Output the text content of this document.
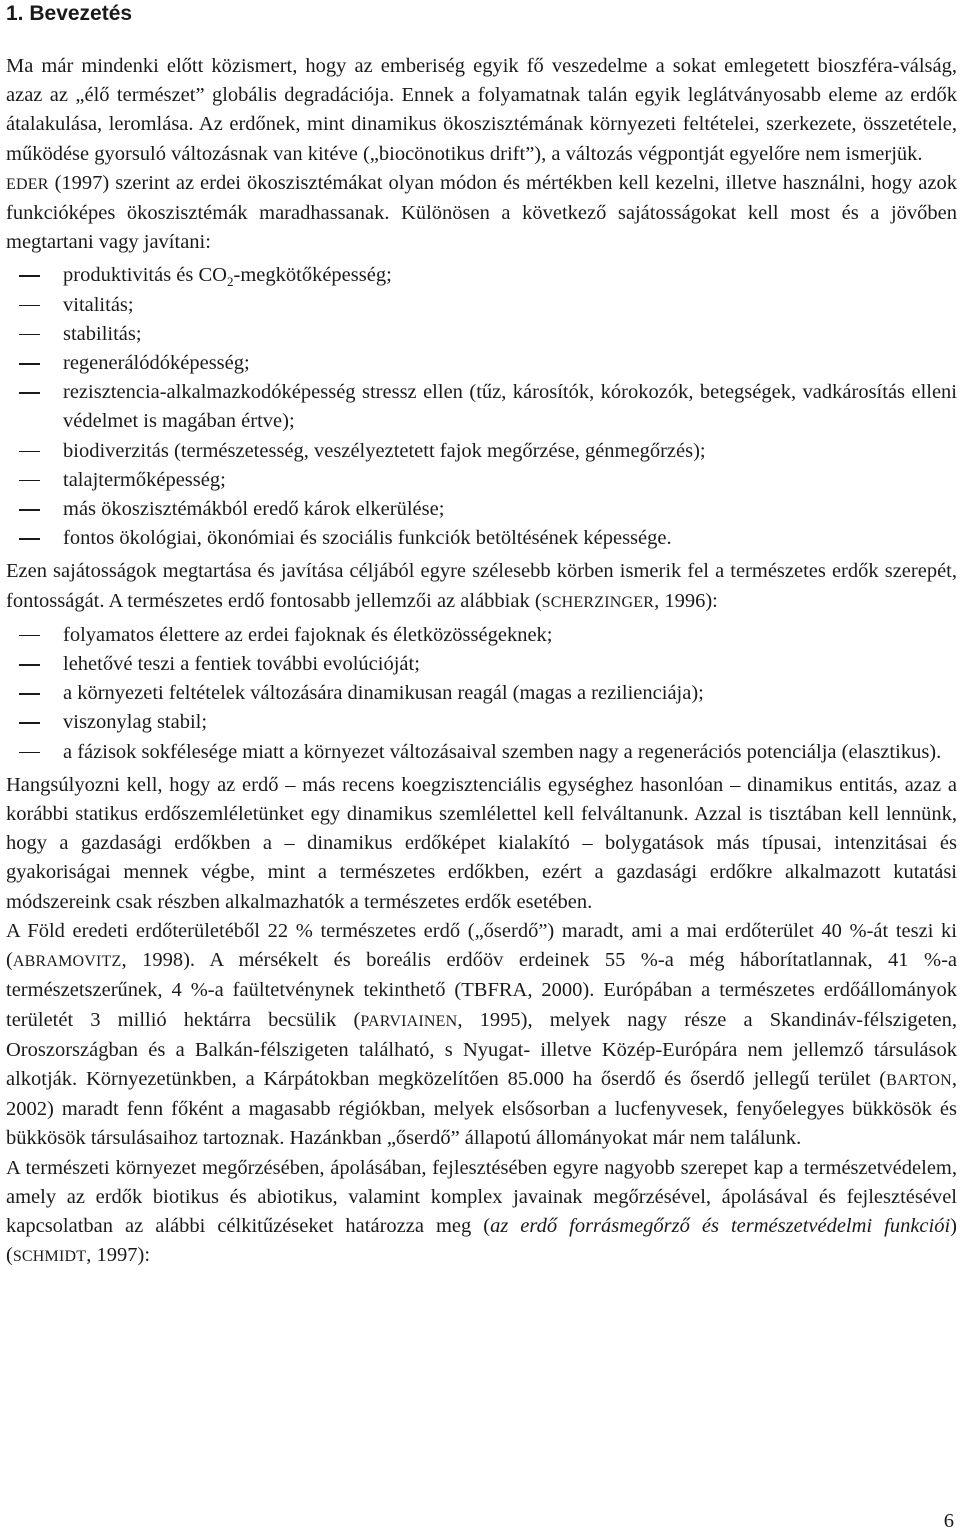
1. Bevezetés

Ma már mindenki előtt közismert, hogy az emberiség egyik fő veszedelme a sokat emlegetett bioszféra-válság, azaz az „élő természet” globális degradációja. Ennek a folyamatnak talán egyik leglátványosabb eleme az erdők átalakulása, leromlása. Az erdőnek, mint dinamikus ökoszisztémának környezeti feltételei, szerkezete, összetétele, működése gyorsuló változásnak van kitéve („biocönotikus drift”), a változás végpontját egyelőre nem ismerjük.

EDER (1997) szerint az erdei ökoszisztémákat olyan módon és mértékben kell kezelni, illetve használni, hogy azok funkcióképes ökoszisztémák maradhassanak. Különösen a következő sajátosságokat kell most és a jövőben megtartani vagy javítani:

produktivitás és $CO_2$-megkötőképesség;
vitalitás;
stabilitás;
regenerálódóképesség;
rezisztencia-alkalmazkodóképesség stressz ellen (tűz, károsítók, kórokozók, betegségek, vadkárosítás elleni védelmet is magában értve);
biodiverzitás (természetesség, veszélyeztetett fajok megőrzése, génmegőrzés);
talajtermőképesség;
más ökoszisztémákból eredő károk elkerülése;
fontos ökológiai, ökonómiai és szociális funkciók betöltésének képessége.

Ezen sajátosságok megtartása és javítása céljából egyre szélesebb körben ismerik fel a természetes erdők szerepét, fontosságát. A természetes erdő fontosabb jellemzői az alábbiak (SCHERZINGER, 1996):

folyamatos élettere az erdei fajoknak és életközösségeknek;
lehetővé teszi a fentiek további evolúcióját;
a környezeti feltételek változására dinamikusan reagál (magas a rezilienciája);
viszonylag stabil;
a fázisok sokfélesége miatt a környezet változásaival szemben nagy a regenerációs potenciálja (elasztikus).

Hangsúlyozni kell, hogy az erdő – más recens koegzisztenciális egységhez hasonlóan – dinamikus entitás, azaz a korábbi statikus erdőszemléletünket egy dinamikus szemlélettel kell felváltanunk. Azzal is tisztában kell lennünk, hogy a gazdasági erdőkben a – dinamikus erdőképet kialakító – bolygatások más típusai, intenzitásai és gyakoriságai mennek végbe, mint a természetes erdőkben, ezért a gazdasági erdőkre alkalmazott kutatási módszereink csak részben alkalmazhatók a természetes erdők esetében.

A Föld eredeti erdőterületéből 22 % természetes erdő („őserdő”) maradt, ami a mai erdőterület 40 %-át teszi ki (ABRAMOVITZ, 1998). A mérsékelt és boreális erdőöv erdeinek 55 %-a még háborítatlannak, 41 %-a természetszerűnek, 4 %-a faültetvénynek tekinthető (TBFRA, 2000). Európában a természetes erdőállományok területét 3 millió hektárra becsülik (PARVIAINEN, 1995), melyek nagy része a Skandináv-félszigeten, Oroszországban és a Balkán-félszigeten található, s Nyugat- illetve Közép-Európára nem jellemző társulások alkotják. Környezetünkben, a Kárpátokban megközelítően 85.000 ha őserdő és őserdő jellegű terület (BARTON, 2002) maradt fenn főként a magasabb régiókban, melyek elsősorban a lucfenyvesek, fenyőelegyes bükkösök és bükkösök társulásaihoz tartoznak. Hazánkban „őserdő” állapotú állományokat már nem találunk.

A természeti környezet megőrzésében, ápolásában, fejlesztésében egyre nagyobb szerepet kap a természetvédelem, amely az erdők biotikus és abiotikus, valamint komplex javainak megőrzésével, ápolásával és fejlesztésével kapcsolatban az alábbi célkitűzéseket határozza meg (az erdő forrásmegőrző és természetvédelmi funkciói) (SCHMIDT, 1997):

6
